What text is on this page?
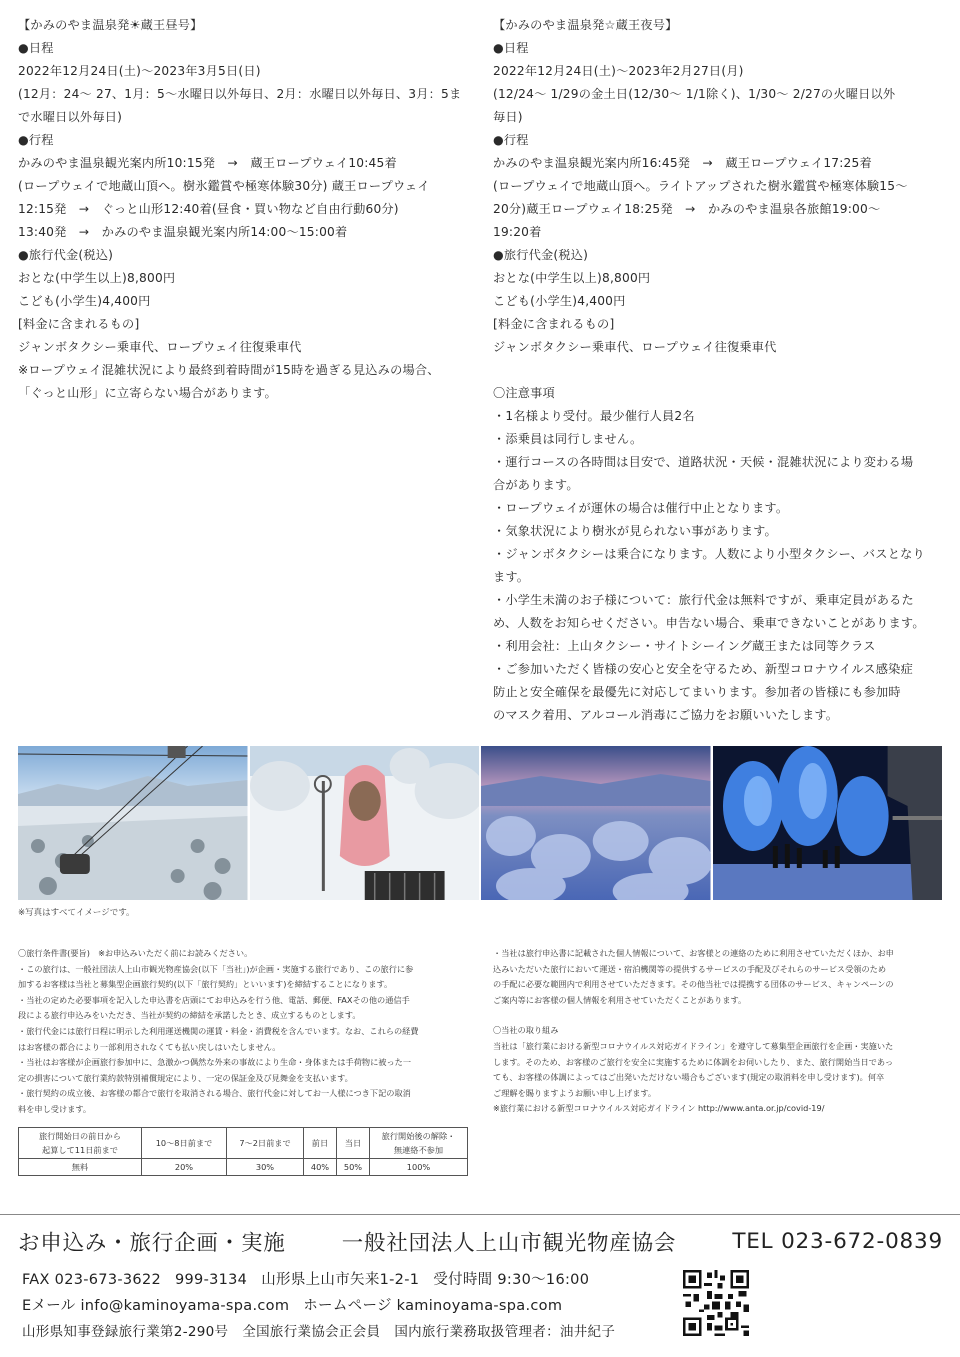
【かみのやま温泉発☀蔵王昼号】

●日程

2022年12月24日(土)～2023年3月5日(日)

(12月：24～ 27、1月：5～水曜日以外毎日、2月：水曜日以外毎日、3月：5ま

で水曜日以外毎日)

●行程

かみのやま温泉観光案内所10:15発　→　蔵王ロープウェイ10:45着

(ロープウェイで地蔵山頂へ。樹氷鑑賞や極寒体験30分) 蔵王ロープウェイ

12:15発　→　ぐっと山形12:40着(昼食・買い物など自由行動60分)

13:40発　→　かみのやま温泉観光案内所14:00～15:00着

●旅行代金(税込)

おとな(中学生以上)8,800円

こども(小学生)4,400円

[料金に含まれるもの]

ジャンボタクシー乗車代、ロープウェイ往復乗車代

※ロープウェイ混雑状況により最終到着時間が15時を過ぎる見込みの場合、

「ぐっと山形」に立寄らない場合があります。

【かみのやま温泉発☆蔵王夜号】

●日程

2022年12月24日(土)～2023年2月27日(月)

(12/24～ 1/29の金土日(12/30～ 1/1除く)、1/30～ 2/27の火曜日以外

毎日)

●行程

かみのやま温泉観光案内所16:45発　→　蔵王ロープウェイ17:25着

(ロープウェイで地蔵山頂へ。ライトアップされた樹氷鑑賞や極寒体験15～

20分)蔵王ロープウェイ18:25発　→　かみのやま温泉各旅館19:00～

19:20着

●旅行代金(税込)

おとな(中学生以上)8,800円

こども(小学生)4,400円

[料金に含まれるもの]

ジャンボタクシー乗車代、ロープウェイ往復乗車代

〇注意事項

・1名様より受付。最少催行人員2名

・添乗員は同行しません。

・運行コースの各時間は目安で、道路状況・天候・混雑状況により変わる場

合があります。

・ロープウェイが運休の場合は催行中止となります。

・気象状況により樹氷が見られない事があります。

・ジャンボタクシーは乗合になります。人数により小型タクシー、バスとなり

ます。

・小学生未満のお子様について：旅行代金は無料ですが、乗車定員があるた

め、人数をお知らせください。申告ない場合、乗車できないことがあります。

・利用会社：上山タクシー・サイトシーイング蔵王または同等クラス

・ご参加いただく皆様の安心と安全を守るため、新型コロナウイルス感染症

防止と安全確保を最優先に対応してまいります。参加者の皆様にも参加時

のマスク着用、アルコール消毒にご協力をお願いいたします。

※写真はすべてイメージです。

〇旅行条件書(要旨)　※お申込みいただく前にお読みください。

・この旅行は、一般社団法人上山市観光物産協会(以下「当社」)が企画・実施する旅行であり、この旅行に参

加するお客様は当社と募集型企画旅行契約(以下「旅行契約」といいます)を締結することになります。

・当社の定めた必要事項を記入した申込書を店頭にてお申込みを行う他、電話、郵便、FAXその他の通信手

段による旅行申込みをいただき、当社が契約の締結を承諾したとき、成立するものとします。

・旅行代金には旅行日程に明示した利用運送機関の運賃・料金・消費税を含んでいます。なお、これらの経費

はお客様の都合により一部利用されなくても払い戻しはいたしません。

・当社はお客様が企画旅行参加中に、急激かつ偶然な外来の事故により生命・身体または手荷物に被った一

定の損害について旅行業約款特別補償規定により、一定の保証金及び見舞金を支払います。

・旅行契約の成立後、お客様の都合で旅行を取消される場合、旅行代金に対してお一人様につき下記の取消

料を申し受けます。

旅行開始日の前日から
起算して11日前まで	10～8日前まで	7～2日前まで	前日	当日	旅行開始後の解除・
無連絡不参加
無料	20%	30%	40%	50%	100%

・当社は旅行申込書に記載された個人情報について、お客様との連絡のために利用させていただくほか、お申

込みいただいた旅行において運送・宿泊機関等の提供するサービスの手配及びそれらのサービス受領のため

の手配に必要な範囲内で利用させていただきます。その他当社では提携する団体のサービス、キャンペーンの

ご案内等にお客様の個人情報を利用させていただくことがあります。

〇当社の取り組み

当社は「旅行業における新型コロナウイルス対応ガイドライン」を遵守して募集型企画旅行を企画・実施いた

します。そのため、お客様のご旅行を安全に実施するために体調をお伺いしたり、また、旅行開始当日であっ

ても、お客様の体調によってはご出発いただけない場合もございます(規定の取消料を申し受けます)。何卒

ご理解を賜りますようお願い申し上げます。

※旅行業における新型コロナウイルス対応ガイドライン http://www.anta.or.jp/covid-19/

お申込み・旅行企画・実施	一般社団法人上山市観光物産協会	TEL 023-672-0839
FAX 023-673-3622 999-3134 山形県上山市矢来1-2-1 受付時間 9:30～16:00
Eメール info@kaminoyama-spa.com ホームページ kaminoyama-spa.com
山形県知事登録旅行業第2-290号 全国旅行業協会正会員 国内旅行業務取扱管理者：油井紀子
